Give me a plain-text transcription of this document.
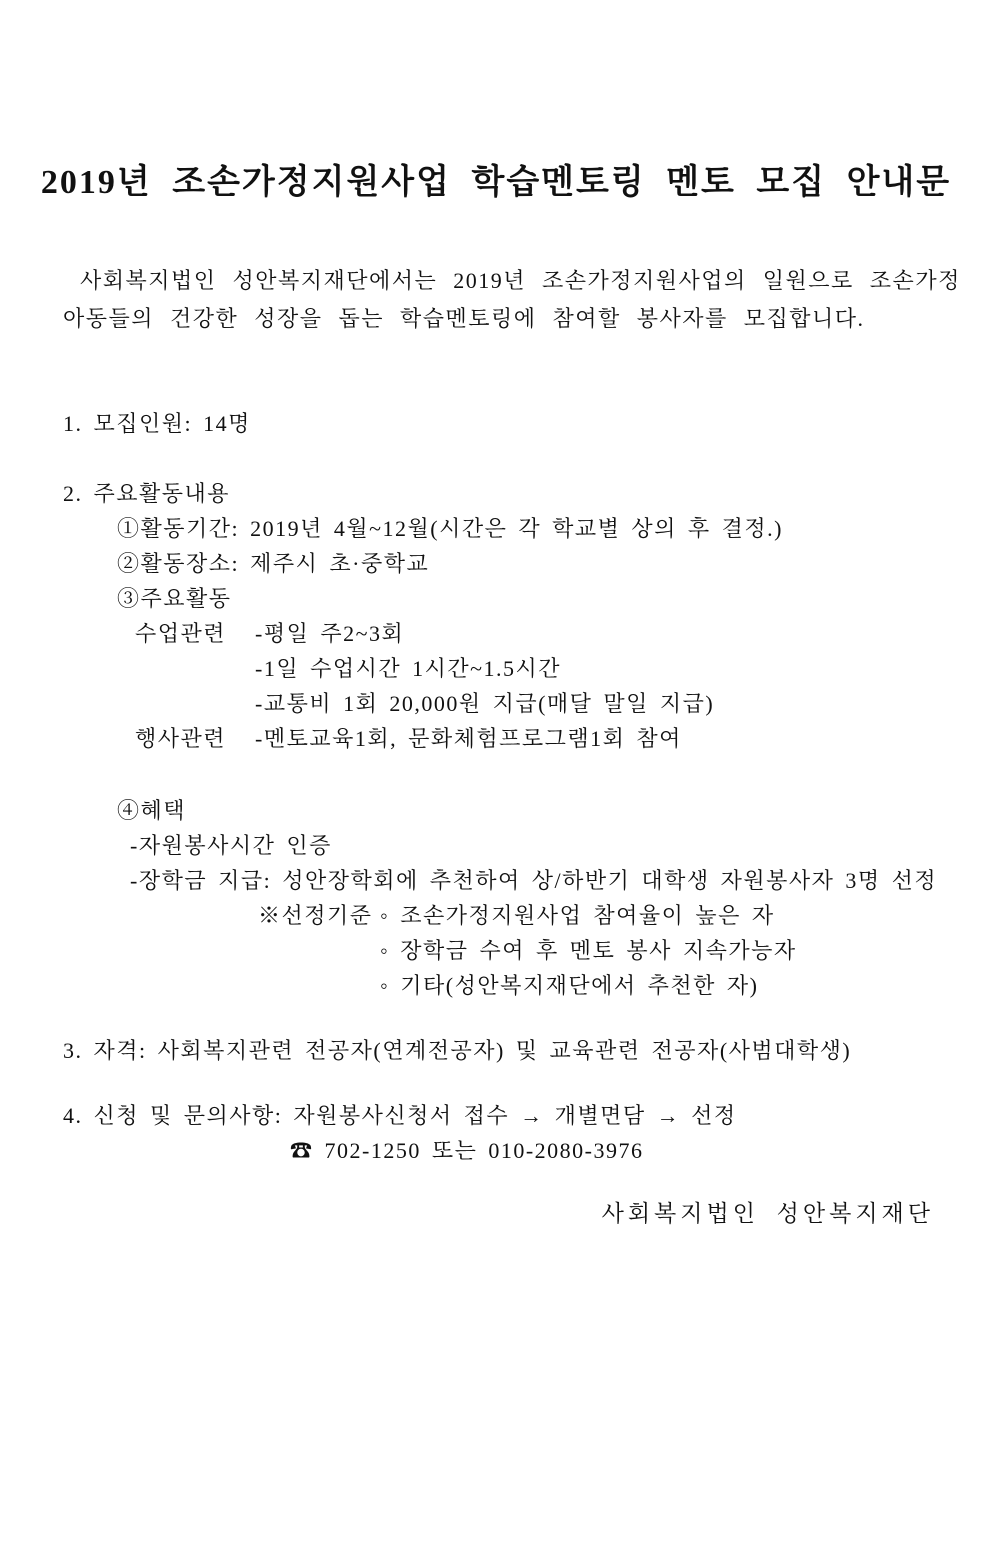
2019년 조손가정지원사업 학습멘토링 멘토 모집 안내문
사회복지법인 성안복지재단에서는 2019년 조손가정지원사업의 일원으로 조손가정
아동들의 건강한 성장을 돕는 학습멘토링에 참여할 봉사자를 모집합니다.
1. 모집인원: 14명
2. 주요활동내용
①활동기간: 2019년 4월~12월(시간은 각 학교별 상의 후 결정.)
②활동장소: 제주시 초·중학교
③주요활동
수업관련	-평일 주2~3회
-1일 수업시간 1시간~1.5시간
-교통비 1회 20,000원 지급(매달 말일 지급)
행사관련	-멘토교육1회, 문화체험프로그램1회 참여
④혜택
-자원봉사시간 인증
-장학금 지급: 성안장학회에 추천하여 상/하반기 대학생 자원봉사자 3명 선정
※선정기준 ◦ 조손가정지원사업 참여율이 높은 자
◦ 장학금 수여 후 멘토 봉사 지속가능자
◦ 기타(성안복지재단에서 추천한 자)
3. 자격: 사회복지관련 전공자(연계전공자) 및 교육관련 전공자(사범대학생)
4. 신청 및 문의사항: 자원봉사신청서 접수 → 개별면담 → 선정
☎ 702-1250 또는 010-2080-3976
사회복지법인 성안복지재단
